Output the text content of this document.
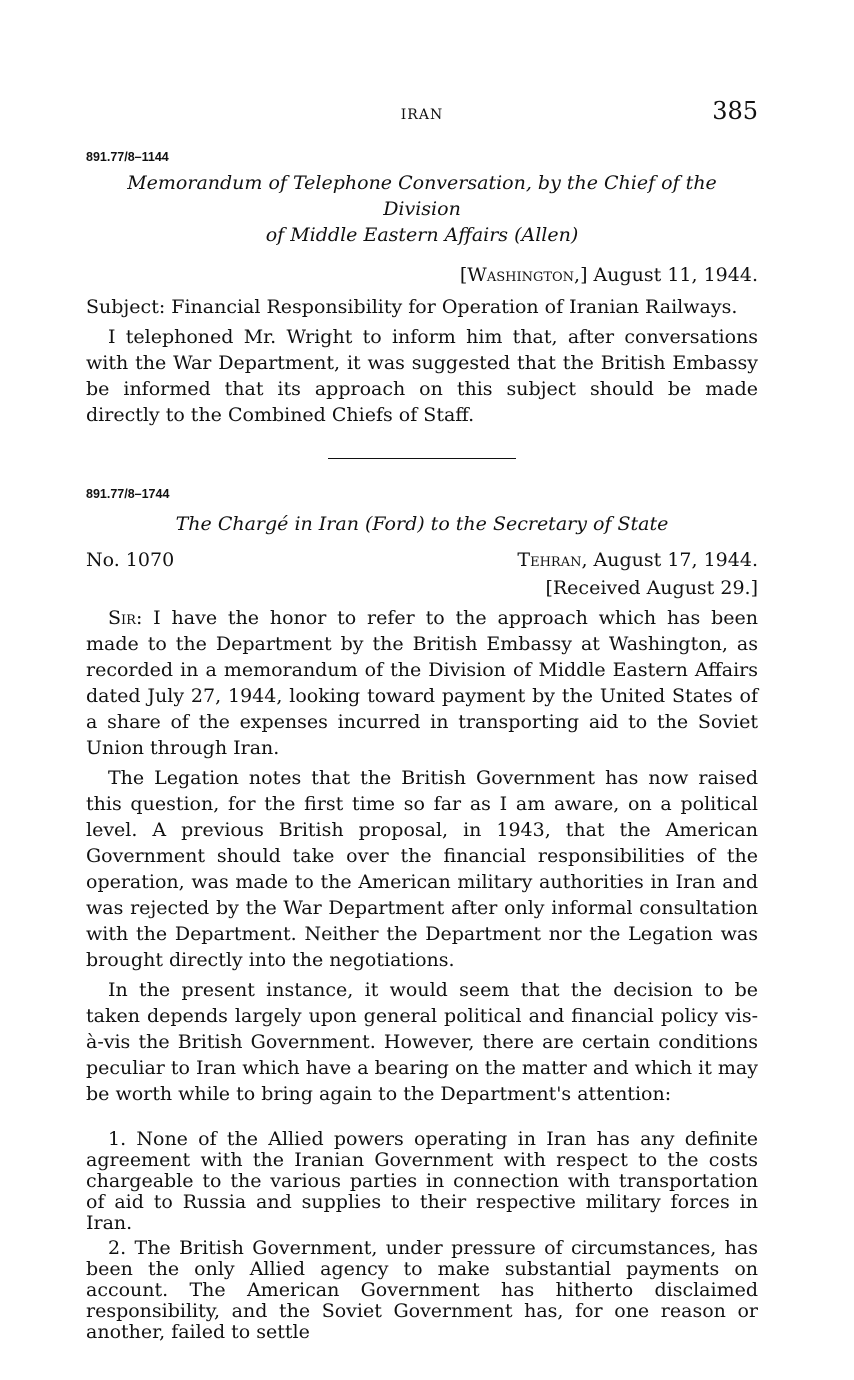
IRAN	385
891.77/8–1144
Memorandum of Telephone Conversation, by the Chief of the Division
of Middle Eastern Affairs (Allen)
[Washington,] August 11, 1944.
Subject: Financial Responsibility for Operation of Iranian Railways.

I telephoned Mr. Wright to inform him that, after conversations with the War Department, it was suggested that the British Embassy be informed that its approach on this subject should be made directly to the Combined Chiefs of Staff.

891.77/8–1744
The Chargé in Iran (Ford) to the Secretary of State
No. 1070	Tehran, August 17, 1944.
[Received August 29.]

Sir: I have the honor to refer to the approach which has been made to the Department by the British Embassy at Washington, as recorded in a memorandum of the Division of Middle Eastern Affairs dated July 27, 1944, looking toward payment by the United States of a share of the expenses incurred in transporting aid to the Soviet Union through Iran.

The Legation notes that the British Government has now raised this question, for the first time so far as I am aware, on a political level. A previous British proposal, in 1943, that the American Government should take over the financial responsibilities of the operation, was made to the American military authorities in Iran and was rejected by the War Department after only informal consultation with the Department. Neither the Department nor the Legation was brought directly into the negotiations.

In the present instance, it would seem that the decision to be taken depends largely upon general political and financial policy vis-à-vis the British Government. However, there are certain conditions peculiar to Iran which have a bearing on the matter and which it may be worth while to bring again to the Department's attention:

1. None of the Allied powers operating in Iran has any definite agreement with the Iranian Government with respect to the costs chargeable to the various parties in connection with transportation of aid to Russia and supplies to their respective military forces in Iran.

2. The British Government, under pressure of circumstances, has been the only Allied agency to make substantial payments on account. The American Government has hitherto disclaimed responsibility, and the Soviet Government has, for one reason or another, failed to settle
